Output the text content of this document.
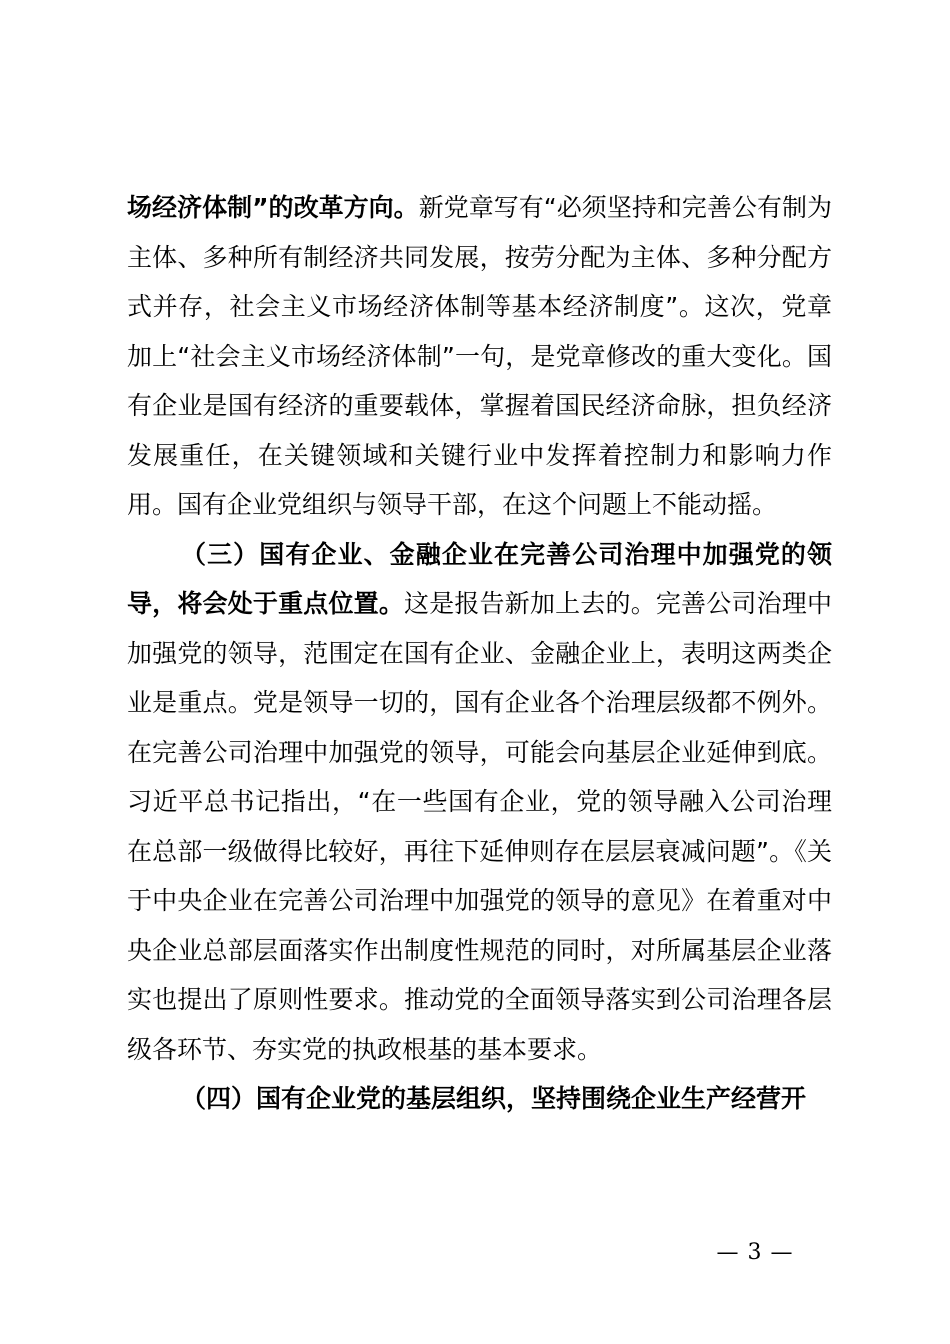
场经济体制”的改革方向。新党章写有“必须坚持和完善公有制为主体、多种所有制经济共同发展，按劳分配为主体、多种分配方式并存，社会主义市场经济体制等基本经济制度”。这次，党章加上“社会主义市场经济体制”一句，是党章修改的重大变化。国有企业是国有经济的重要载体，掌握着国民经济命脉，担负经济发展重任，在关键领域和关键行业中发挥着控制力和影响力作用。国有企业党组织与领导干部，在这个问题上不能动摇。

（三）国有企业、金融企业在完善公司治理中加强党的领导，将会处于重点位置。这是报告新加上去的。完善公司治理中加强党的领导，范围定在国有企业、金融企业上，表明这两类企业是重点。党是领导一切的，国有企业各个治理层级都不例外。在完善公司治理中加强党的领导，可能会向基层企业延伸到底。习近平总书记指出，“在一些国有企业，党的领导融入公司治理在总部一级做得比较好，再往下延伸则存在层层衰减问题”。《关于中央企业在完善公司治理中加强党的领导的意见》在着重对中央企业总部层面落实作出制度性规范的同时，对所属基层企业落实也提出了原则性要求。推动党的全面领导落实到公司治理各层级各环节、夯实党的执政根基的基本要求。

（四）国有企业党的基层组织，坚持围绕企业生产经营开

— 3 —
